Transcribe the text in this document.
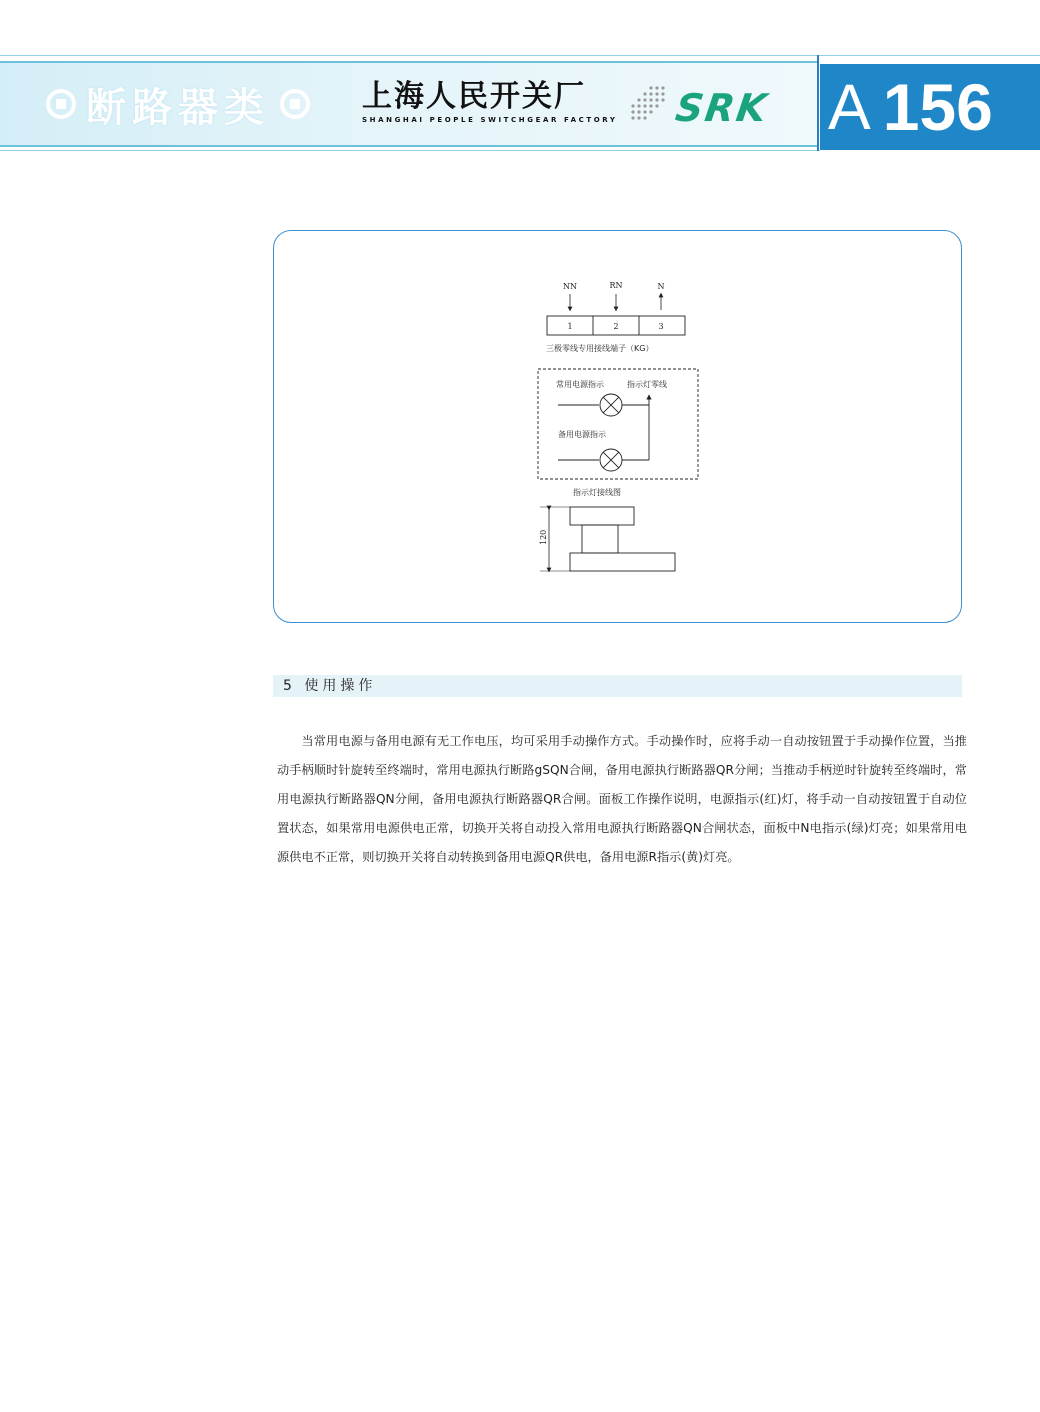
断路器类	上海人民开关厂
SHANGHAI PEOPLE SWITCHGEAR FACTORY SRK A 156
NN	RN	N
1	2	3
三极零线专用接线端子（KG）
常用电源指示	指示灯零线
备用电源指示
指示灯接线图
120
5 使用操作

当常用电源与备用电源有无工作电压，均可采用手动操作方式。手动操作时，应将手动一自动按钮置于手动操作位置，当推动手柄顺时针旋转至终端时，常用电源执行断路gSQN合闸，备用电源执行断路器QR分闸；当推动手柄逆时针旋转至终端时，常用电源执行断路器QN分闸，备用电源执行断路器QR合闸。面板工作操作说明，电源指示(红)灯，将手动一自动按钮置于自动位置状态，如果常用电源供电正常，切换开关将自动投入常用电源执行断路器QN合闸状态，面板中N电指示(绿)灯亮；如果常用电源供电不正常，则切换开关将自动转换到备用电源QR供电，备用电源R指示(黄)灯亮。
